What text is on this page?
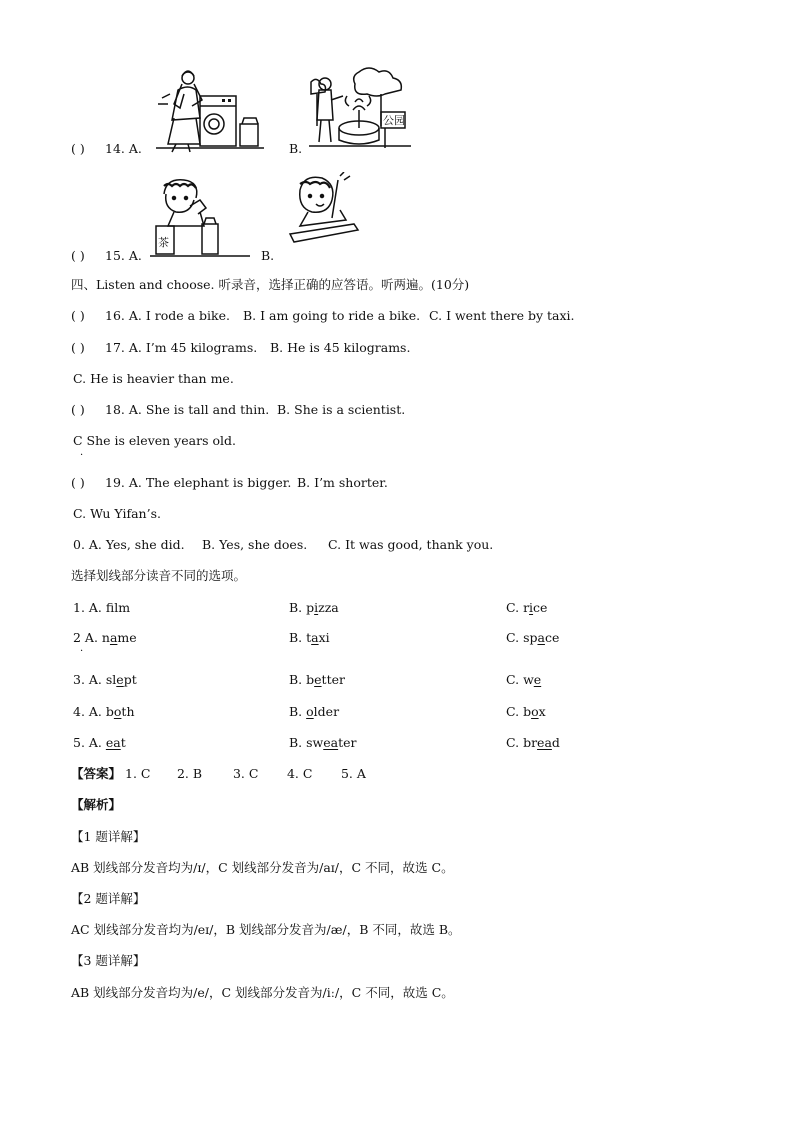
( ) 14. A.	B.
公园
( ) 15. A.
茶
B.
四、Listen and choose. 听录音，选择正确的应答语。听两遍。(10分)
( ) 16. A. I rode a bike. B. I am going to ride a bike. C. I went there by taxi.
( ) 17. A. I’m 45 kilograms. B. He is 45 kilograms.
C. He is heavier than me.
( ) 18. A. She is tall and thin. B. She is a scientist.
C She is eleven years old.
·
( ) 19. A. The elephant is bigger. B. I’m shorter.
C. Wu Yifan’s.
0. A. Yes, she did. B. Yes, she does. C. It was good, thank you.
选择划线部分读音不同的选项。
1. A. flm	B. pizza	C. rice
2 A. name	B. taxi	C. space
·
3. A. slept	B. better	C. we
4. A. both	B. older	C. box
5. A. eat	B. sweater	C. bread
【答案】 1. C 2. B 3. C 4. C 5. A
【解析】
【1 题详解】
AB 划线部分发音均为/ɪ/，C 划线部分发音为/aɪ/，C 不同，故选 C。
【2 题详解】
AC 划线部分发音均为/eɪ/，B 划线部分发音为/æ/，B 不同，故选 B。
【3 题详解】
AB 划线部分发音均为/e/，C 划线部分发音为/iː/，C 不同，故选 C。
